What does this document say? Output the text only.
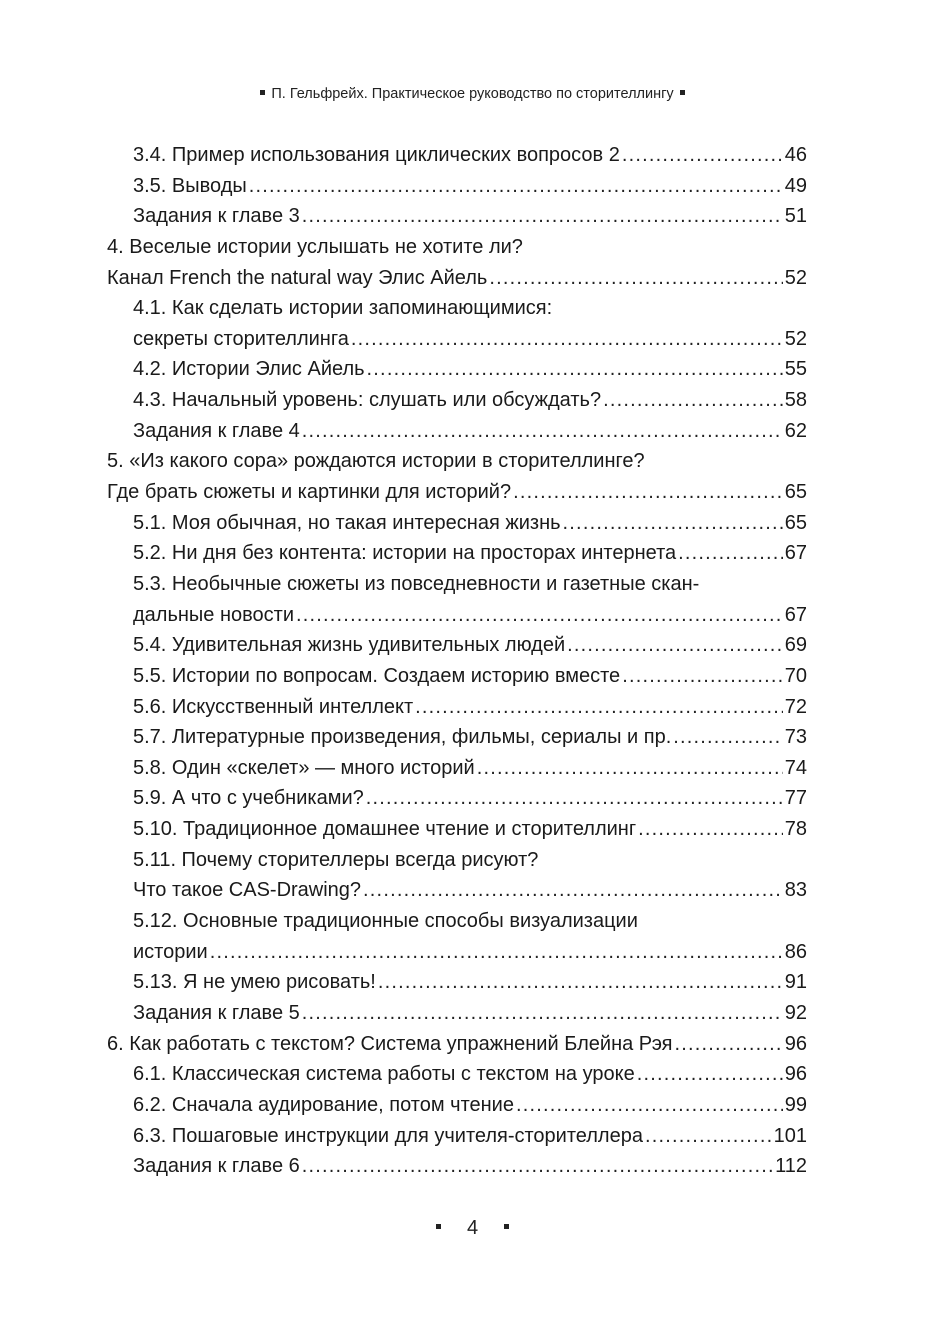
П. Гельфрейх. Практическое руководство по сторителлингу
3.4. Пример использования циклических вопросов 2 .....	46
3.5. Выводы .....	49
Задания к главе 3 .....	51
4. Веселые истории услышать не хотите ли?
Канал French the natural way Элис Айель .....	52
4.1. Как сделать истории запоминающимися:
секреты сторителлинга .....	52
4.2. Истории Элис Айель .....	55
4.3. Начальный уровень: слушать или обсуждать? .....	58
Задания к главе 4 .....	62
5. «Из какого сора» рождаются истории в сторителлинге?
Где брать сюжеты и картинки для историй? .....	65
5.1. Моя обычная, но такая интересная жизнь .....	65
5.2. Ни дня без контента: истории на просторах интернета .....	67
5.3. Необычные сюжеты из повседневности и газетные скан-
дальные новости .....	67
5.4. Удивительная жизнь удивительных людей .....	69
5.5. Истории по вопросам. Создаем историю вместе .....	70
5.6. Искусственный интеллект .....	72
5.7. Литературные произведения, фильмы, сериалы и пр. .....	73
5.8. Один «скелет» — много историй .....	74
5.9. А что с учебниками? .....	77
5.10. Традиционное домашнее чтение и сторителлинг .....	78
5.11. Почему сторителлеры всегда рисуют?
Что такое CAS-Drawing? .....	83
5.12. Основные традиционные способы визуализации
истории .....	86
5.13. Я не умею рисовать! .....	91
Задания к главе 5 .....	92
6. Как работать с текстом? Система упражнений Блейна Рэя .....	96
6.1. Классическая система работы с текстом на уроке .....	96
6.2. Сначала аудирование, потом чтение .....	99
6.3. Пошаговые инструкции для учителя-сторителлера .....	101
Задания к главе 6 .....	112
4
